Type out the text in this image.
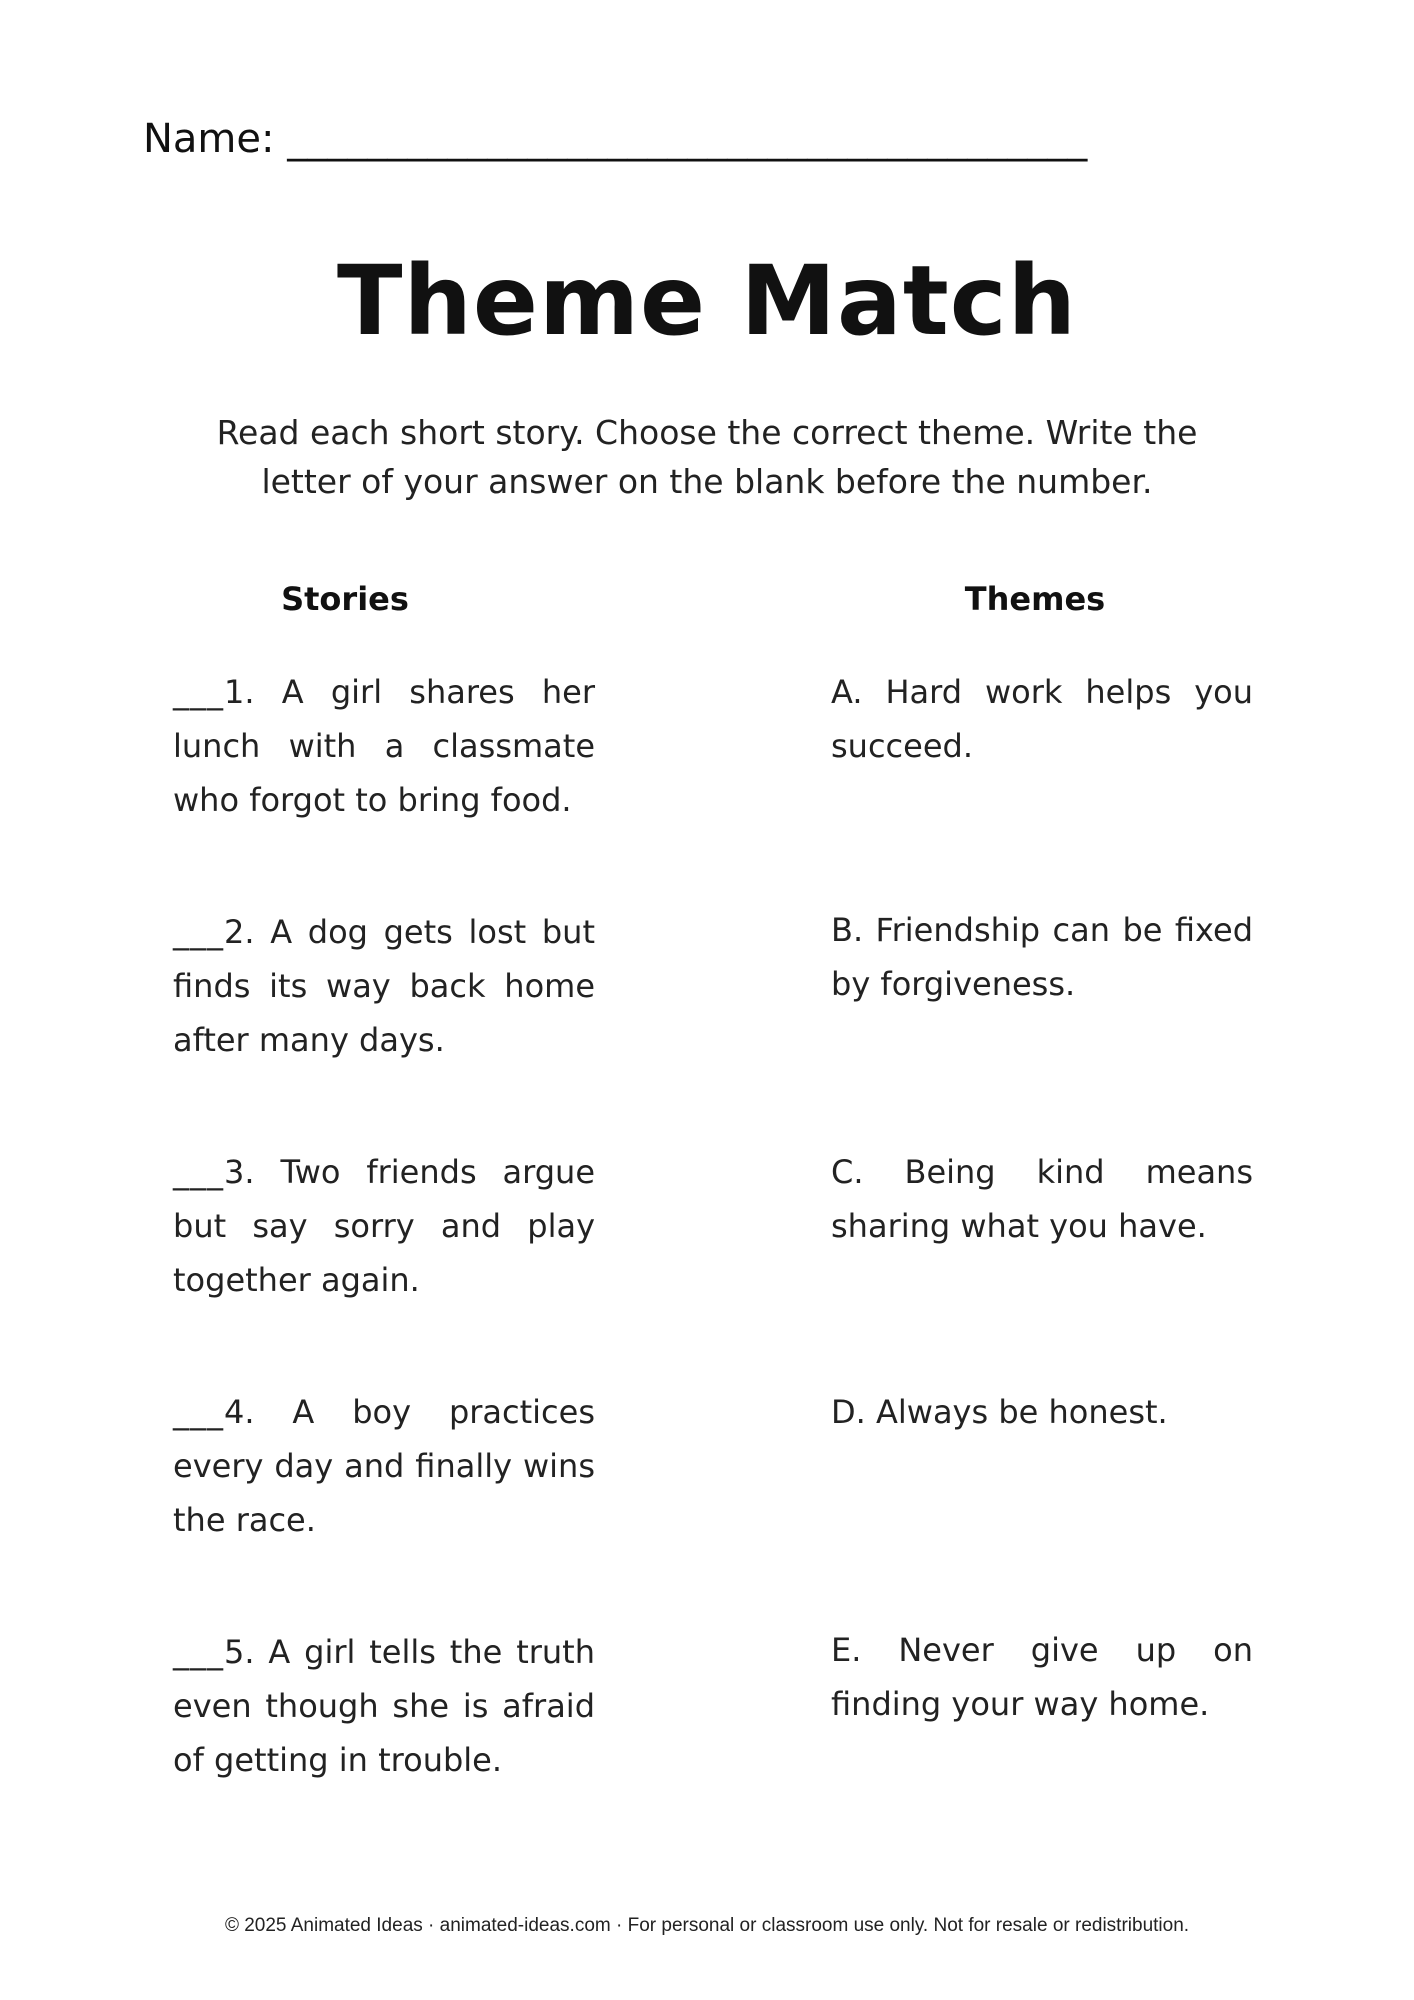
Name: ________________________________________
Theme Match
Read each short story. Choose the correct theme. Write the letter of your answer on the blank before the number.
Stories	Themes
___1. A girl shares her lunch with a classmate who forgot to bring food.
___2. A dog gets lost but finds its way back home after many days.
___3. Two friends argue but say sorry and play together again.
___4. A boy practices every day and finally wins the race.
___5. A girl tells the truth even though she is afraid of getting in trouble.
A. Hard work helps you succeed.
B. Friendship can be fixed by forgiveness.
C. Being kind means sharing what you have.
D. Always be honest.
E. Never give up on finding your way home.
© 2025 Animated Ideas · animated-ideas.com · For personal or classroom use only. Not for resale or redistribution.
